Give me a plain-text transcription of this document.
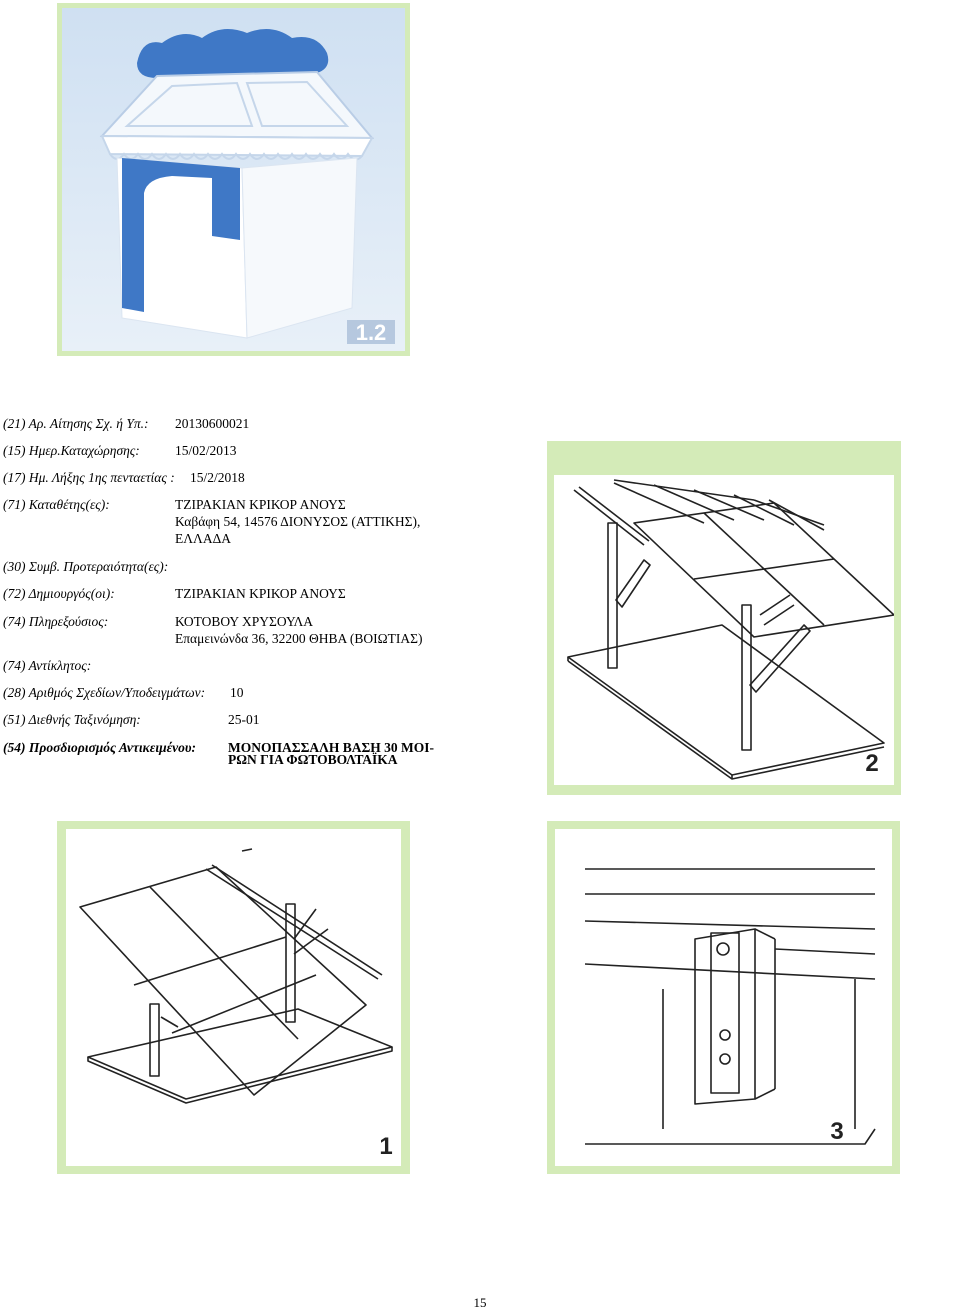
1.2
(21) Αρ. Αίτησης Σχ. ή Υπ.: 20130600021
(15) Ημερ.Καταχώρησης:	15/02/2013
(17) Ημ. Λήξης 1ης πενταετίας : 15/2/2018
(71) Καταθέτης(ες):	ΤΖΙΡΑΚΙΑΝ ΚΡΙΚΟΡ ΑΝΟΥΣ
Καβάφη 54, 14576 ΔΙΟΝΥΣΟΣ (ΑΤΤΙΚΗΣ),
ΕΛΛΑΔΑ
(30) Συμβ. Προτεραιότητα(ες):
(72) Δημιουργός(οι):	ΤΖΙΡΑΚΙΑΝ ΚΡΙΚΟΡ ΑΝΟΥΣ
(74) Πληρεξούσιος:	ΚΟΤΟΒΟΥ ΧΡΥΣΟΥΛΑ
Επαμεινώνδα 36, 32200 ΘΗΒΑ (ΒΟΙΩΤΙΑΣ)
(74) Αντίκλητος:
(28) Αριθμός Σχεδίων/Υποδειγμάτων: 10
(51) Διεθνής Ταξινόμηση:	25-01
(54) Προσδιορισμός Αντικειμένου: ΜΟΝΟΠΑΣΣΑΛΗ ΒΑΣΗ 30 ΜΟΙ-
ΡΩΝ ΓΙΑ ΦΩΤΟΒΟΛΤΑΪΚΑ	2
1
3
15
